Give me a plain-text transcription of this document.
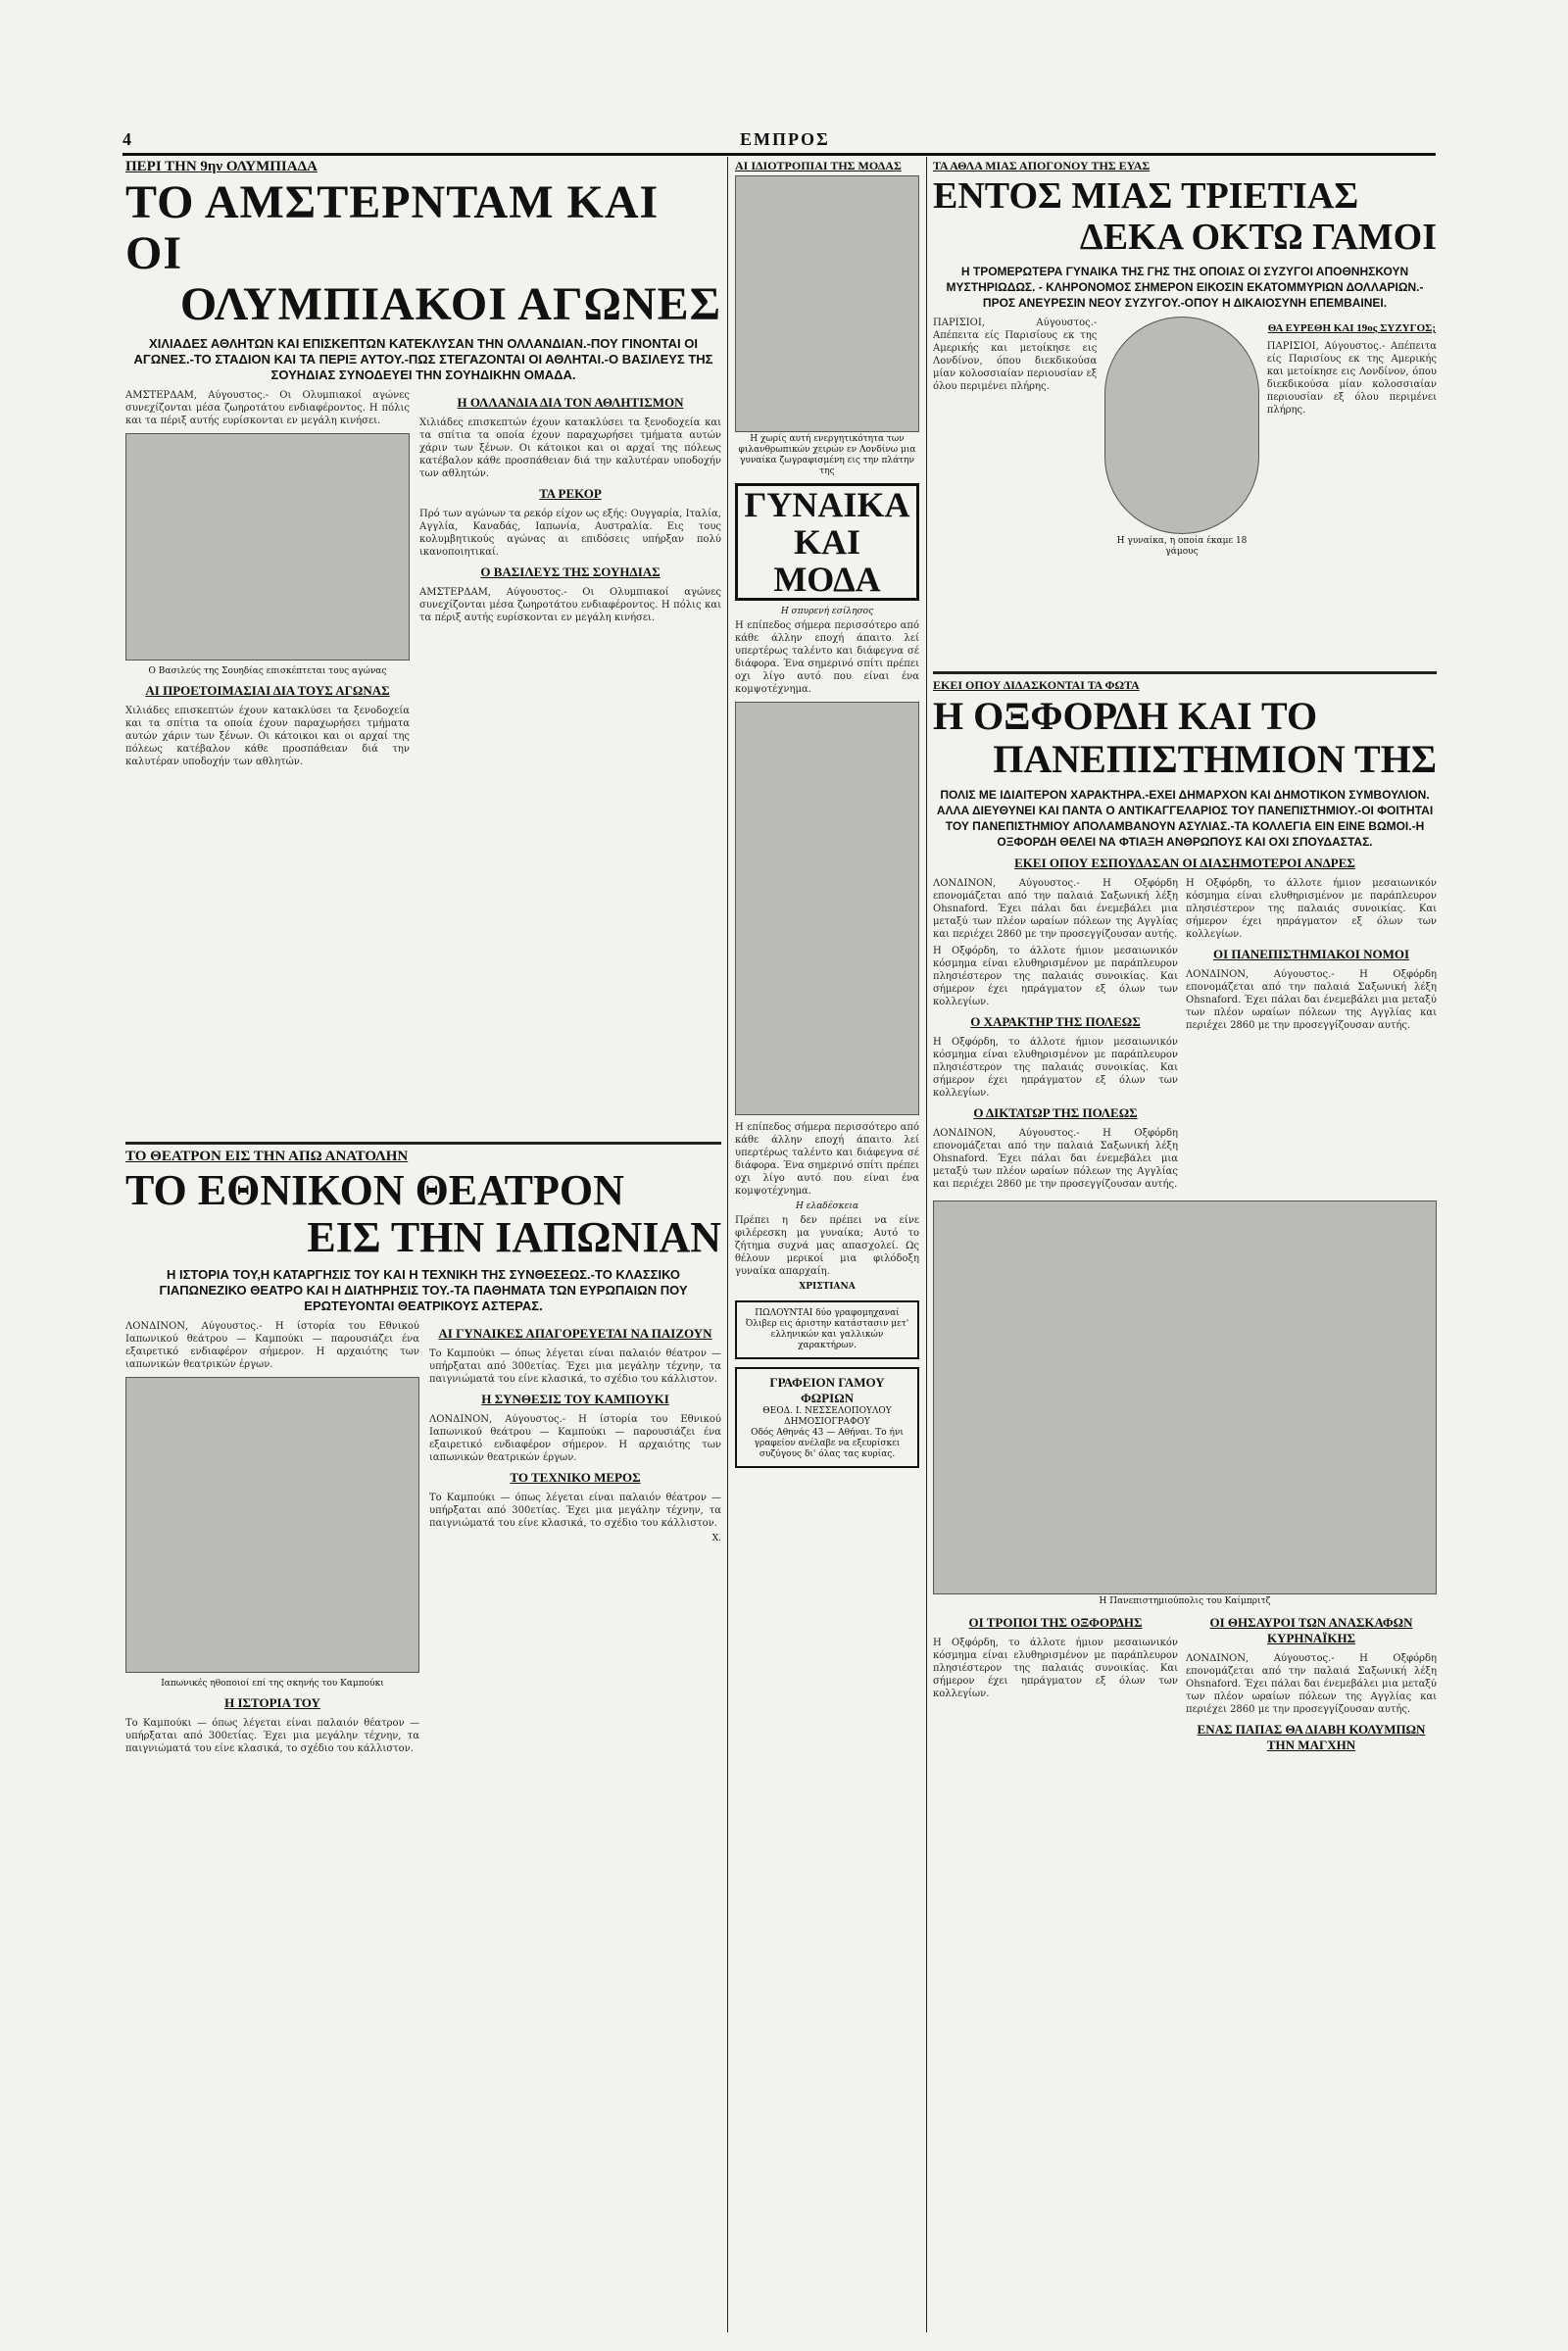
4	ΕΜΠΡΟΣ
ΠΕΡΙ ΤΗΝ 9ην ΟΛΥΜΠΙΑΔΑ
ΤΟ ΑΜΣΤΕΡΝΤΑΜ ΚΑΙ ΟΙ
ΟΛΥΜΠΙΑΚΟΙ ΑΓΩΝΕΣ
ΧΙΛΙΑΔΕΣ ΑΘΛΗΤΩΝ ΚΑΙ ΕΠΙΣΚΕΠΤΩΝ ΚΑΤΕΚΛΥΣΑΝ ΤΗΝ ΟΛΛΑΝΔΙΑΝ.-ΠΟΥ ΓΙΝΟΝΤΑΙ ΟΙ ΑΓΩΝΕΣ.-ΤΟ ΣΤΑΔΙΟΝ ΚΑΙ ΤΑ ΠΕΡΙΞ ΑΥΤΟΥ.-ΠΩΣ ΣΤΕΓΑΖΟΝΤΑΙ ΟΙ ΑΘΛΗΤΑΙ.-Ο ΒΑΣΙΛΕΥΣ ΤΗΣ ΣΟΥΗΔΙΑΣ ΣΥΝΟΔΕΥΕΙ ΤΗΝ ΣΟΥΗΔΙΚΗΝ ΟΜΑΔΑ.

ΑΜΣΤΕΡΔΑΜ, Αύγουστος.- Οι Ολυμπιακοί αγώνες συνεχίζονται μέσα ζωηροτάτου ενδιαφέροντος. Η πόλις και τα πέριξ αυτής ευρίσκονται εν μεγάλη κινήσει.

Ο Βασιλεύς της Σουηδίας επισκέπτεται τους αγώνας
ΑΙ ΠΡΟΕΤΟΙΜΑΣΙΑΙ ΔΙΑ ΤΟΥΣ ΑΓΩΝΑΣ

Χιλιάδες επισκεπτών έχουν κατακλύσει τα ξενοδοχεία και τα σπίτια τα οποία έχουν παραχωρήσει τμήματα αυτών χάριν των ξένων. Οι κάτοικοι και οι αρχαί της πόλεως κατέβαλον κάθε προσπάθειαν διά την καλυτέραν υποδοχήν των αθλητών.

Η ΟΛΛΑΝΔΙΑ ΔΙΑ ΤΟΝ ΑΘΛΗΤΙΣΜΟΝ

Χιλιάδες επισκεπτών έχουν κατακλύσει τα ξενοδοχεία και τα σπίτια τα οποία έχουν παραχωρήσει τμήματα αυτών χάριν των ξένων. Οι κάτοικοι και οι αρχαί της πόλεως κατέβαλον κάθε προσπάθειαν διά την καλυτέραν υποδοχήν των αθλητών.

ΤΑ ΡΕΚΟΡ

Πρό των αγώνων τα ρεκόρ είχον ως εξής: Ουγγαρία, Ιταλία, Αγγλία, Καναδάς, Ιαπωνία, Αυστραλία. Εις τους κολυμβητικούς αγώνας αι επιδόσεις υπήρξαν πολύ ικανοποιητικαί.

Ο ΒΑΣΙΛΕΥΣ ΤΗΣ ΣΟΥΗΔΙΑΣ

ΑΜΣΤΕΡΔΑΜ, Αύγουστος.- Οι Ολυμπιακοί αγώνες συνεχίζονται μέσα ζωηροτάτου ενδιαφέροντος. Η πόλις και τα πέριξ αυτής ευρίσκονται εν μεγάλη κινήσει.

ΤΟ ΘΕΑΤΡΟΝ ΕΙΣ ΤΗΝ ΑΠΩ ΑΝΑΤΟΛΗΝ
ΤΟ ΕΘΝΙΚΟΝ ΘΕΑΤΡΟΝ
ΕΙΣ ΤΗΝ ΙΑΠΩΝΙΑΝ
Η ΙΣΤΟΡΙΑ ΤΟΥ,Η ΚΑΤΑΡΓΗΣΙΣ ΤΟΥ ΚΑΙ Η ΤΕΧΝΙΚΗ ΤΗΣ ΣΥΝΘΕΣΕΩΣ.-ΤΟ ΚΛΑΣΣΙΚΟ ΓΙΑΠΩΝΕΖΙΚΟ ΘΕΑΤΡΟ ΚΑΙ Η ΔΙΑΤΗΡΗΣΙΣ ΤΟΥ.-ΤΑ ΠΑΘΗΜΑΤΑ ΤΩΝ ΕΥΡΩΠΑΙΩΝ ΠΟΥ ΕΡΩΤΕΥΟΝΤΑΙ ΘΕΑΤΡΙΚΟΥΣ ΑΣΤΕΡΑΣ.

ΛΟΝΔΙΝΟΝ, Αύγουστος.- Η ίστορία του Εθνικού Ιαπωνικού θεάτρου — Καμπούκι — παρουσιάζει ένα εξαιρετικό ενδιαφέρον σήμερον. Η αρχαιότης των ιαπωνικών θεατρικών έργων.

Ιαπωνικές ηθοποιοί επί της σκηνής του Καμπούκι
Η ΙΣΤΟΡΙΑ ΤΟΥ

Το Καμπούκι — όπως λέγεται είναι παλαιόν θέατρον — υπήρξαται από 300ετίας. Έχει μια μεγάλην τέχνην, τα παιγνιώματά του είνε κλασικά, το σχέδιο του κάλλιστον.

ΑΙ ΓΥΝΑΙΚΕΣ ΑΠΑΓΟΡΕΥΕΤΑΙ ΝΑ ΠΑΙΖΟΥΝ

Το Καμπούκι — όπως λέγεται είναι παλαιόν θέατρον — υπήρξαται από 300ετίας. Έχει μια μεγάλην τέχνην, τα παιγνιώματά του είνε κλασικά, το σχέδιο του κάλλιστον.

Η ΣΥΝΘΕΣΙΣ ΤΟΥ ΚΑΜΠΟΥΚΙ

ΛΟΝΔΙΝΟΝ, Αύγουστος.- Η ίστορία του Εθνικού Ιαπωνικού θεάτρου — Καμπούκι — παρουσιάζει ένα εξαιρετικό ενδιαφέρον σήμερον. Η αρχαιότης των ιαπωνικών θεατρικών έργων.

ΤΟ ΤΕΧΝΙΚΟ ΜΕΡΟΣ

Το Καμπούκι — όπως λέγεται είναι παλαιόν θέατρον — υπήρξαται από 300ετίας. Έχει μια μεγάλην τέχνην, τα παιγνιώματά του είνε κλασικά, το σχέδιο του κάλλιστον.

Χ.
ΑΙ ΙΔΙΟΤΡΟΠΙΑΙ ΤΗΣ ΜΟΔΑΣ
Η χωρίς αυτή ενεργητικότητα των φιλανθρωπικών χειρών εν Λονδίνω μια γυναίκα ζωγραφισμένη εις την πλάτην της
ΓΥΝΑΙΚΑ ΚΑΙ ΜΟΔΑ
Η σπυρενή εσίλησος

Η επίπεδος σήμερα περισσότερο από κάθε άλλην εποχή άπαιτο λεί υπερτέρως ταλέντο και διάφεγνα σέ διάφορα. Ένα σημερινό σπίτι πρέπει οχι λίγο αυτό που είναι ένα κομψοτέχνημα.

Η επίπεδος σήμερα περισσότερο από κάθε άλλην εποχή άπαιτο λεί υπερτέρως ταλέντο και διάφεγνα σέ διάφορα. Ένα σημερινό σπίτι πρέπει οχι λίγο αυτό που είναι ένα κομψοτέχνημα.

Η ελαδέσκεια

Πρέπει η δεν πρέπει να είνε φιλέρεσκη μα γυναίκα; Αυτό το ζήτημα συχνά μας απασχολεί. Ως θέλουν μερικοί μια φιλόδοξη γυναίκα απαρχαίη.

ΧΡΙΣΤΙΑΝΑ
ΠΩΛΟΥΝΤΑΙ δύο γραφομηχαναί Όλιβερ εις άριστην κατάστασιν μετ' ελληνικών και γαλλικών χαρακτήρων.
ΓΡΑΦΕΙΟΝ ΓΑΜΟΥ ΦΩΡΙΩΝ
ΘΕΟΔ. Ι. ΝΕΣΣΕΛΟΠΟΥΛΟΥ ΔΗΜΟΣΙΟΓΡΑΦΟΥ
Οδός Αθηνάς 43 — Αθήναι. Το ήνι γραφείον ανέλαβε να εξευρίσκει συζύγους δι' όλας τας κυρίας.
ΤΑ ΑΘΛΑ ΜΙΑΣ ΑΠΟΓΟΝΟΥ ΤΗΣ ΕΥΑΣ
ΕΝΤΟΣ ΜΙΑΣ ΤΡΙΕΤΙΑΣ
ΔΕΚΑ ΟΚΤΩ ΓΑΜΟΙ
Η ΤΡΟΜΕΡΩΤΕΡΑ ΓΥΝΑΙΚΑ ΤΗΣ ΓΗΣ ΤΗΣ ΟΠΟΙΑΣ ΟΙ ΣΥΖΥΓΟΙ ΑΠΟΘΝΗΣΚΟΥΝ ΜΥΣΤΗΡΙΩΔΩΣ. - ΚΛΗΡΟΝΟΜΟΣ ΣΗΜΕΡΟΝ ΕΙΚΟΣΙΝ ΕΚΑΤΟΜΜΥΡΙΩΝ ΔΟΛΛΑΡΙΩΝ.-ΠΡΟΣ ΑΝΕΥΡΕΣΙΝ ΝΕΟΥ ΣΥΖΥΓΟΥ.-ΟΠΟΥ Η ΔΙΚΑΙΟΣΥΝΗ ΕΠΕΜΒΑΙΝΕΙ.

ΠΑΡΙΣΙΟΙ, Αύγουστος.- Απέπειτα είς Παρισίους εκ της Αμερικής και μετοίκησε εις Λονδίνον, όπου διεκδικούσα μίαν κολοσσιαίαν περιουσίαν εξ όλου περιμένει πλήρης.

Η γυναίκα, η οποία έκαμε 18 γάμους
ΘΑ ΕΥΡΕΘΗ ΚΑΙ 19ος ΣΥΖΥΓΟΣ;

ΠΑΡΙΣΙΟΙ, Αύγουστος.- Απέπειτα είς Παρισίους εκ της Αμερικής και μετοίκησε εις Λονδίνον, όπου διεκδικούσα μίαν κολοσσιαίαν περιουσίαν εξ όλου περιμένει πλήρης.

ΕΚΕΙ ΟΠΟΥ ΔΙΔΑΣΚΟΝΤΑΙ ΤΑ ΦΩΤΑ
Η ΟΞΦΟΡΔΗ ΚΑΙ ΤΟ
ΠΑΝΕΠΙΣΤΗΜΙΟΝ ΤΗΣ
ΠΟΛΙΣ ΜΕ ΙΔΙΑΙΤΕΡΟΝ ΧΑΡΑΚΤΗΡΑ.-ΕΧΕΙ ΔΗΜΑΡΧΟΝ ΚΑΙ ΔΗΜΟΤΙΚΟΝ ΣΥΜΒΟΥΛΙΟΝ. ΑΛΛΑ ΔΙΕΥΘΥΝΕΙ ΚΑΙ ΠΑΝΤΑ Ο ΑΝΤΙΚΑΓΓΕΛΑΡΙΟΣ ΤΟΥ ΠΑΝΕΠΙΣΤΗΜΙΟΥ.-ΟΙ ΦΟΙΤΗΤΑΙ ΤΟΥ ΠΑΝΕΠΙΣΤΗΜΙΟΥ ΑΠΟΛΑΜΒΑΝΟΥΝ ΑΣΥΛΙΑΣ.-ΤΑ ΚΟΛΛΕΓΙΑ ΕΙΝ ΕΙΝΕ ΒΩΜΟΙ.-Η ΟΞΦΟΡΔΗ ΘΕΛΕΙ ΝΑ ΦΤΙΑΞΗ ΑΝΘΡΩΠΟΥΣ ΚΑΙ ΟΧΙ ΣΠΟΥΔΑΣΤΑΣ.
ΕΚΕΙ ΟΠΟΥ ΕΣΠΟΥΔΑΣΑΝ ΟΙ ΔΙΑΣΗΜΟΤΕΡΟΙ ΑΝΔΡΕΣ

ΛΟΝΔΙΝΟΝ, Αύγουστος.- Η Οξφόρδη επονομάζεται από την παλαιά Σαξωνική λέξη Ohsnaford. Έχει πάλαι δαι ένεμεβάλει μια μεταξύ των πλέον ωραίων πόλεων της Αγγλίας και περιέχει 2860 με την προσεγγίζουσαν αυτής.

Η Οξφόρδη, το άλλοτε ήμιον μεσαιωνικόν κόσμημα είναι ελυθηρισμένον με παράπλευρον πλησιέστερον της παλαιάς συνοικίας. Και σήμερον έχει ηπράγματον εξ όλων των κολλεγίων.

Ο ΧΑΡΑΚΤΗΡ ΤΗΣ ΠΟΛΕΩΣ

Η Οξφόρδη, το άλλοτε ήμιον μεσαιωνικόν κόσμημα είναι ελυθηρισμένον με παράπλευρον πλησιέστερον της παλαιάς συνοικίας. Και σήμερον έχει ηπράγματον εξ όλων των κολλεγίων.

Ο ΔΙΚΤΑΤΩΡ ΤΗΣ ΠΟΛΕΩΣ

ΛΟΝΔΙΝΟΝ, Αύγουστος.- Η Οξφόρδη επονομάζεται από την παλαιά Σαξωνική λέξη Ohsnaford. Έχει πάλαι δαι ένεμεβάλει μια μεταξύ των πλέον ωραίων πόλεων της Αγγλίας και περιέχει 2860 με την προσεγγίζουσαν αυτής.

Η Οξφόρδη, το άλλοτε ήμιον μεσαιωνικόν κόσμημα είναι ελυθηρισμένον με παράπλευρον πλησιέστερον της παλαιάς συνοικίας. Και σήμερον έχει ηπράγματον εξ όλων των κολλεγίων.

ΟΙ ΠΑΝΕΠΙΣΤΗΜΙΑΚΟΙ ΝΟΜΟΙ

ΛΟΝΔΙΝΟΝ, Αύγουστος.- Η Οξφόρδη επονομάζεται από την παλαιά Σαξωνική λέξη Ohsnaford. Έχει πάλαι δαι ένεμεβάλει μια μεταξύ των πλέον ωραίων πόλεων της Αγγλίας και περιέχει 2860 με την προσεγγίζουσαν αυτής.

Η Πανεπιστημιούπολις του Καίμπριτζ
ΟΙ ΤΡΟΠΟΙ ΤΗΣ ΟΞΦΟΡΔΗΣ

Η Οξφόρδη, το άλλοτε ήμιον μεσαιωνικόν κόσμημα είναι ελυθηρισμένον με παράπλευρον πλησιέστερον της παλαιάς συνοικίας. Και σήμερον έχει ηπράγματον εξ όλων των κολλεγίων.

ΟΙ ΘΗΣΑΥΡΟΙ ΤΩΝ ΑΝΑΣΚΑΦΩΝ ΚΥΡΗΝΑΪΚΗΣ

ΛΟΝΔΙΝΟΝ, Αύγουστος.- Η Οξφόρδη επονομάζεται από την παλαιά Σαξωνική λέξη Ohsnaford. Έχει πάλαι δαι ένεμεβάλει μια μεταξύ των πλέον ωραίων πόλεων της Αγγλίας και περιέχει 2860 με την προσεγγίζουσαν αυτής.

ΕΝΑΣ ΠΑΠΑΣ ΘΑ ΔΙΑΒΗ ΚΟΛΥΜΠΩΝ ΤΗΝ ΜΑΓΧΗΝ
